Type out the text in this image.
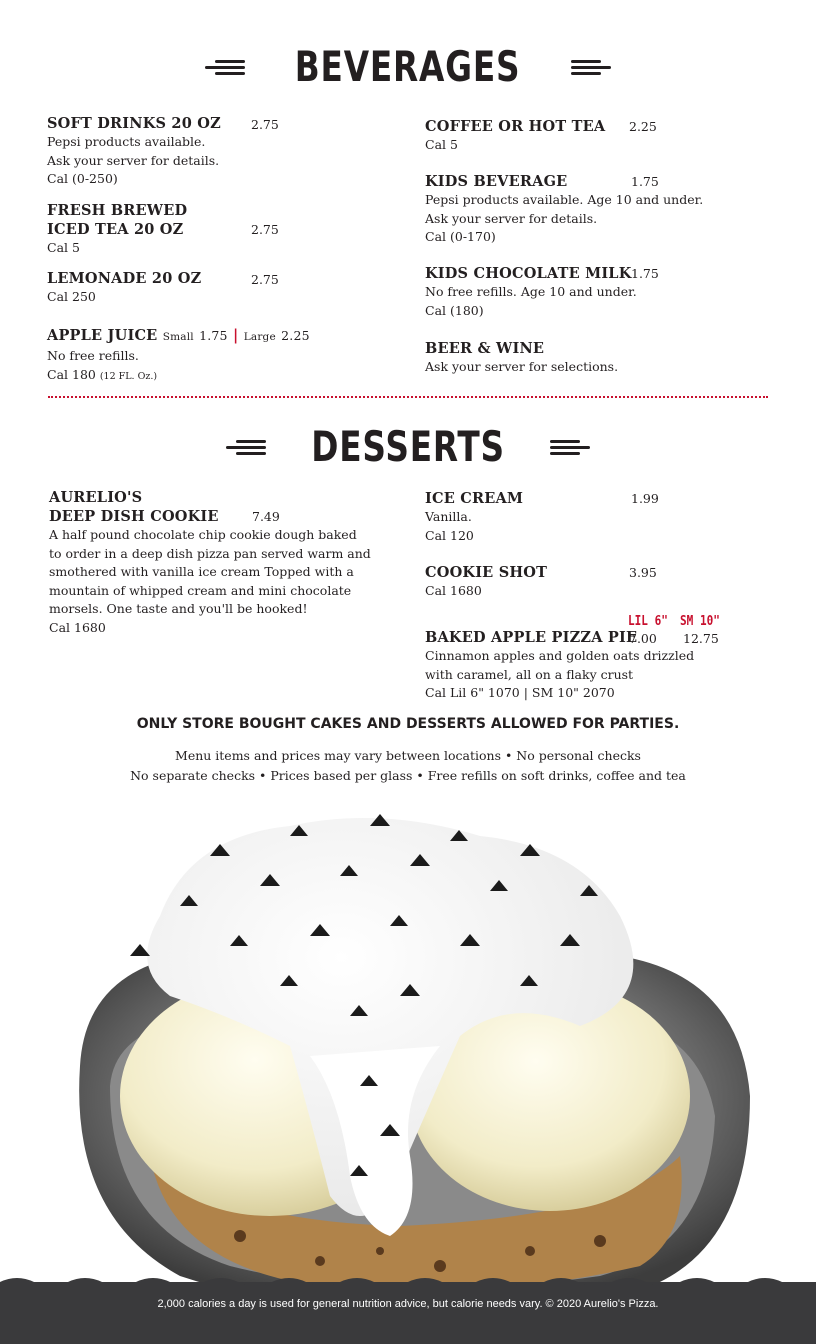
BEVERAGES
SOFT DRINKS 20 OZ
Pepsi products available.
Ask your server for details.
Cal (0-250)
2.75
FRESH BREWED
ICED TEA 20 OZ
Cal 5
2.75
LEMONADE 20 OZ
Cal 250
2.75
APPLE JUICE Small 1.75 | Large 2.25
No free refills.
Cal 180 (12 FL. Oz.)
COFFEE OR HOT TEA
Cal 5
2.25
KIDS BEVERAGE
Pepsi products available. Age 10 and under.
Ask your server for details.
Cal (0-170)
1.75
KIDS CHOCOLATE MILK
No free refills. Age 10 and under.
Cal (180)
1.75
BEER & WINE
Ask your server for selections.
DESSERTS
AURELIO'S
DEEP DISH COOKIE
A half pound chocolate chip cookie dough baked
to order in a deep dish pizza pan served warm and
smothered with vanilla ice cream Topped with a
mountain of whipped cream and mini chocolate
morsels. One taste and you'll be hooked!
Cal 1680
7.49
ICE CREAM
Vanilla.
Cal 120
1.99
COOKIE SHOT
Cal 1680
3.95
LIL 6" SM 10"
BAKED APPLE PIZZA PIE
Cinnamon apples and golden oats drizzled
with caramel, all on a flaky crust
Cal Lil 6" 1070 | SM 10" 2070
7.00 12.75
ONLY STORE BOUGHT CAKES AND DESSERTS ALLOWED FOR PARTIES.
Menu items and prices may vary between locations • No personal checks
No separate checks • Prices based per glass • Free refills on soft drinks, coffee and tea
2,000 calories a day is used for general nutrition advice, but calorie needs vary. © 2020 Aurelio's Pizza.
